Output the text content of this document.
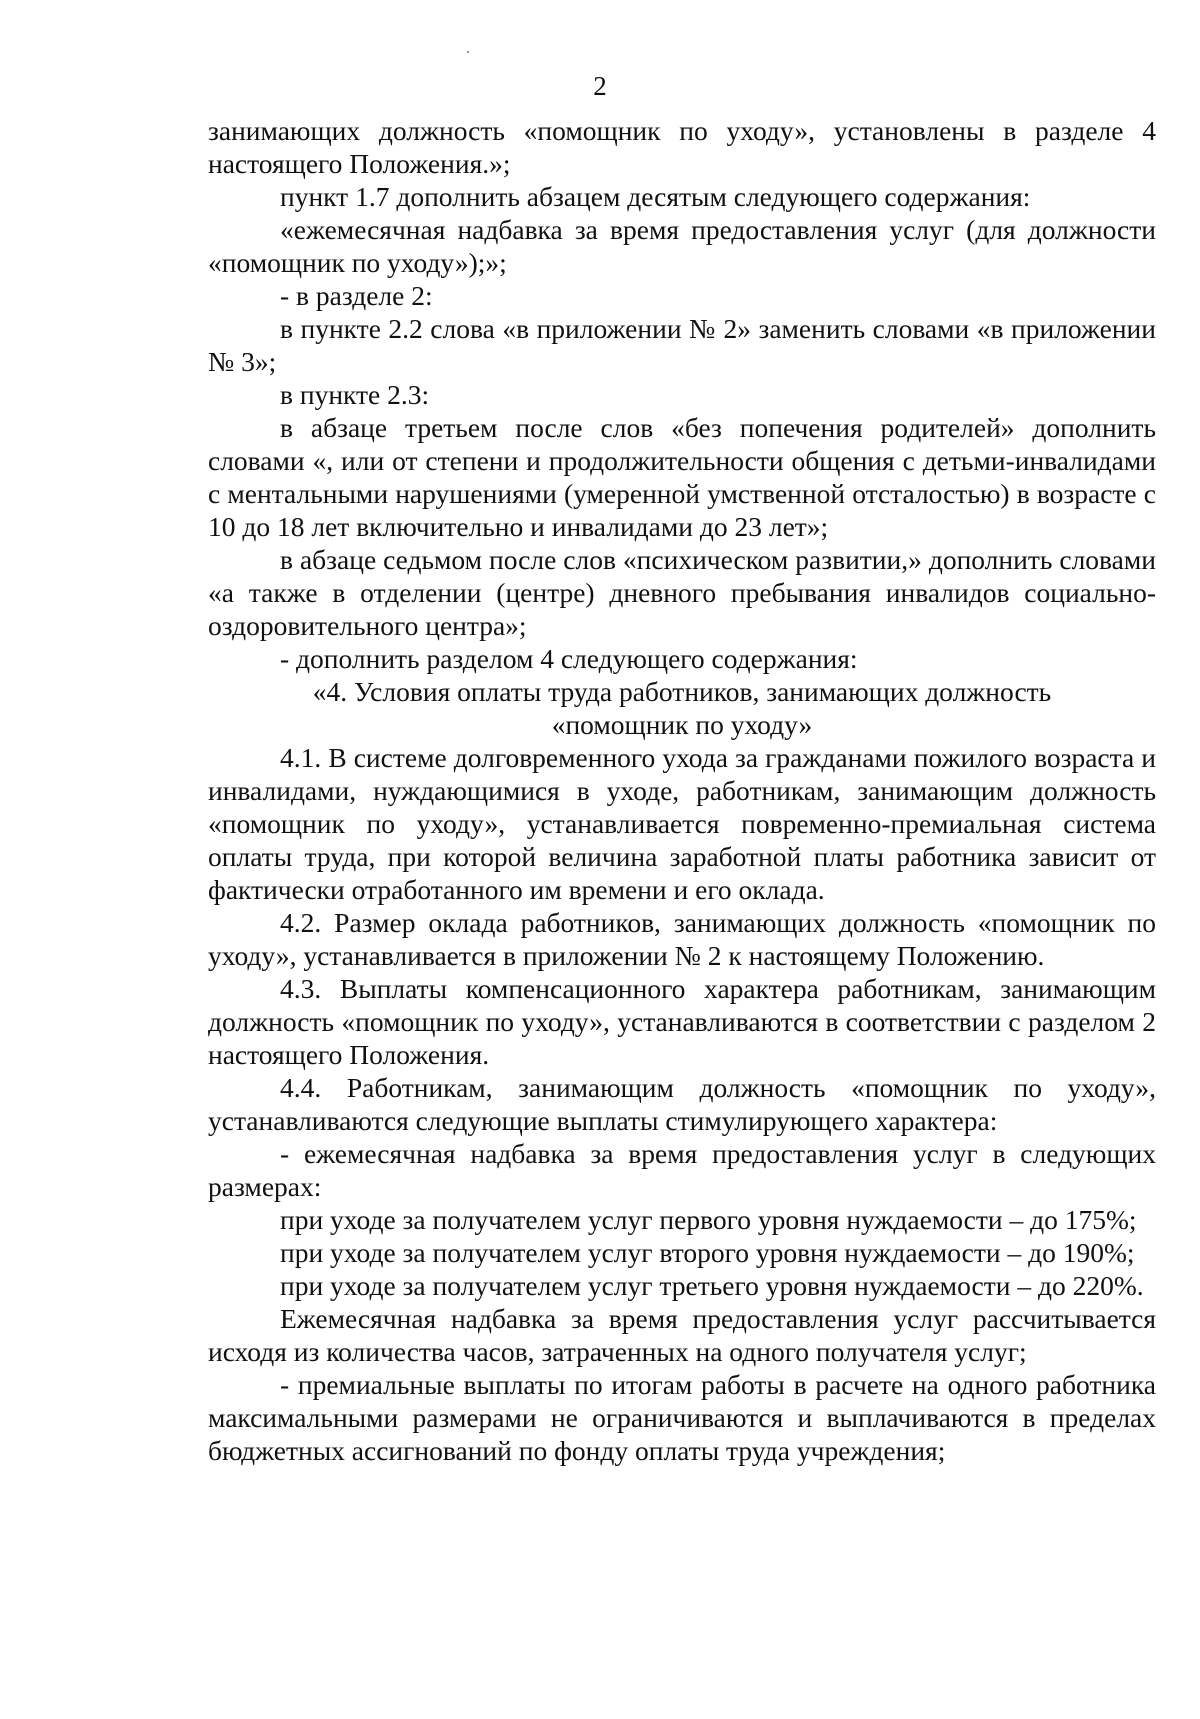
2

занимающих должность «помощник по уходу», установлены в разделе 4 настоящего Положения.»;

пункт 1.7 дополнить абзацем десятым следующего содержания:

«ежемесячная надбавка за время предоставления услуг (для должности «помощник по уходу»);»;

- в разделе 2:

в пункте 2.2 слова «в приложении № 2» заменить словами «в приложении № 3»;

в пункте 2.3:

в абзаце третьем после слов «без попечения родителей» дополнить словами «, или от степени и продолжительности общения с детьми-инвалидами с ментальными нарушениями (умеренной умственной отсталостью) в возрасте с 10 до 18 лет включительно и инвалидами до 23 лет»;

в абзаце седьмом после слов «психическом развитии,» дополнить словами «а также в отделении (центре) дневного пребывания инвалидов социально-оздоровительного центра»;

- дополнить разделом 4 следующего содержания:

«4. Условия оплаты труда работников, занимающих должность «помощник по уходу»

4.1. В системе долговременного ухода за гражданами пожилого возраста и инвалидами, нуждающимися в уходе, работникам, занимающим должность «помощник по уходу», устанавливается повременно-премиальная система оплаты труда, при которой величина заработной платы работника зависит от фактически отработанного им времени и его оклада.

4.2. Размер оклада работников, занимающих должность «помощник по уходу», устанавливается в приложении № 2 к настоящему Положению.

4.3. Выплаты компенсационного характера работникам, занимающим должность «помощник по уходу», устанавливаются в соответствии с разделом 2 настоящего Положения.

4.4. Работникам, занимающим должность «помощник по уходу», устанавливаются следующие выплаты стимулирующего характера:

- ежемесячная надбавка за время предоставления услуг в следующих размерах:

при уходе за получателем услуг первого уровня нуждаемости – до 175%;

при уходе за получателем услуг второго уровня нуждаемости – до 190%;

при уходе за получателем услуг третьего уровня нуждаемости – до 220%.

Ежемесячная надбавка за время предоставления услуг рассчитывается исходя из количества часов, затраченных на одного получателя услуг;

- премиальные выплаты по итогам работы в расчете на одного работника максимальными размерами не ограничиваются и выплачиваются в пределах бюджетных ассигнований по фонду оплаты труда учреждения;
